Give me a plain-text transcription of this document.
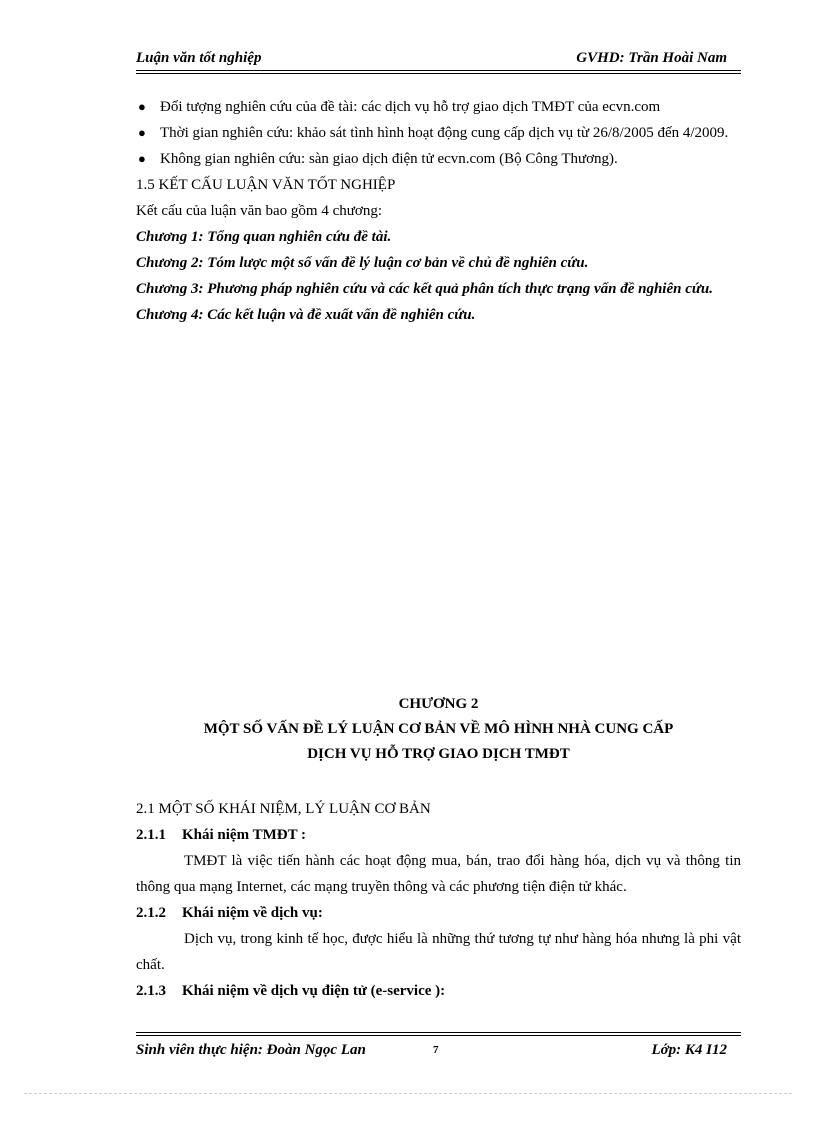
Luận văn tốt nghiệp	GVHD: Trần Hoài Nam

● Đối tượng nghiên cứu của đề tài: các dịch vụ hỗ trợ giao dịch TMĐT của ecvn.com

● Thời gian nghiên cứu: khảo sát tình hình hoạt động cung cấp dịch vụ từ 26/8/2005 đến 4/2009.

● Không gian nghiên cứu: sàn giao dịch điện tử ecvn.com (Bộ Công Thương).

1.5 KẾT CẤU LUẬN VĂN TỐT NGHIỆP

Kết cấu của luận văn bao gồm 4 chương:

Chương 1: Tổng quan nghiên cứu đề tài.

Chương 2: Tóm lược một số vấn đề lý luận cơ bản về chủ đề nghiên cứu.

Chương 3: Phương pháp nghiên cứu và các kết quả phân tích thực trạng vấn đề nghiên cứu.

Chương 4: Các kết luận và đề xuất vấn đề nghiên cứu.

CHƯƠNG 2
MỘT SỐ VẤN ĐỀ LÝ LUẬN CƠ BẢN VỀ MÔ HÌNH NHÀ CUNG CẤP
DỊCH VỤ HỖ TRỢ GIAO DỊCH TMĐT

2.1 MỘT SỐ KHÁI NIỆM, LÝ LUẬN CƠ BẢN

2.1.1 Khái niệm TMĐT :

TMĐT là việc tiến hành các hoạt động mua, bán, trao đổi hàng hóa, dịch vụ và thông tin thông qua mạng Internet, các mạng truyền thông và các phương tiện điện tử khác.

2.1.2 Khái niệm về dịch vụ:

Dịch vụ, trong kinh tế học, được hiểu là những thứ tương tự như hàng hóa nhưng là phi vật chất.

2.1.3 Khái niệm về dịch vụ điện tử (e-service ):

Sinh viên thực hiện: Đoàn Ngọc Lan	7	Lớp: K4 I12
